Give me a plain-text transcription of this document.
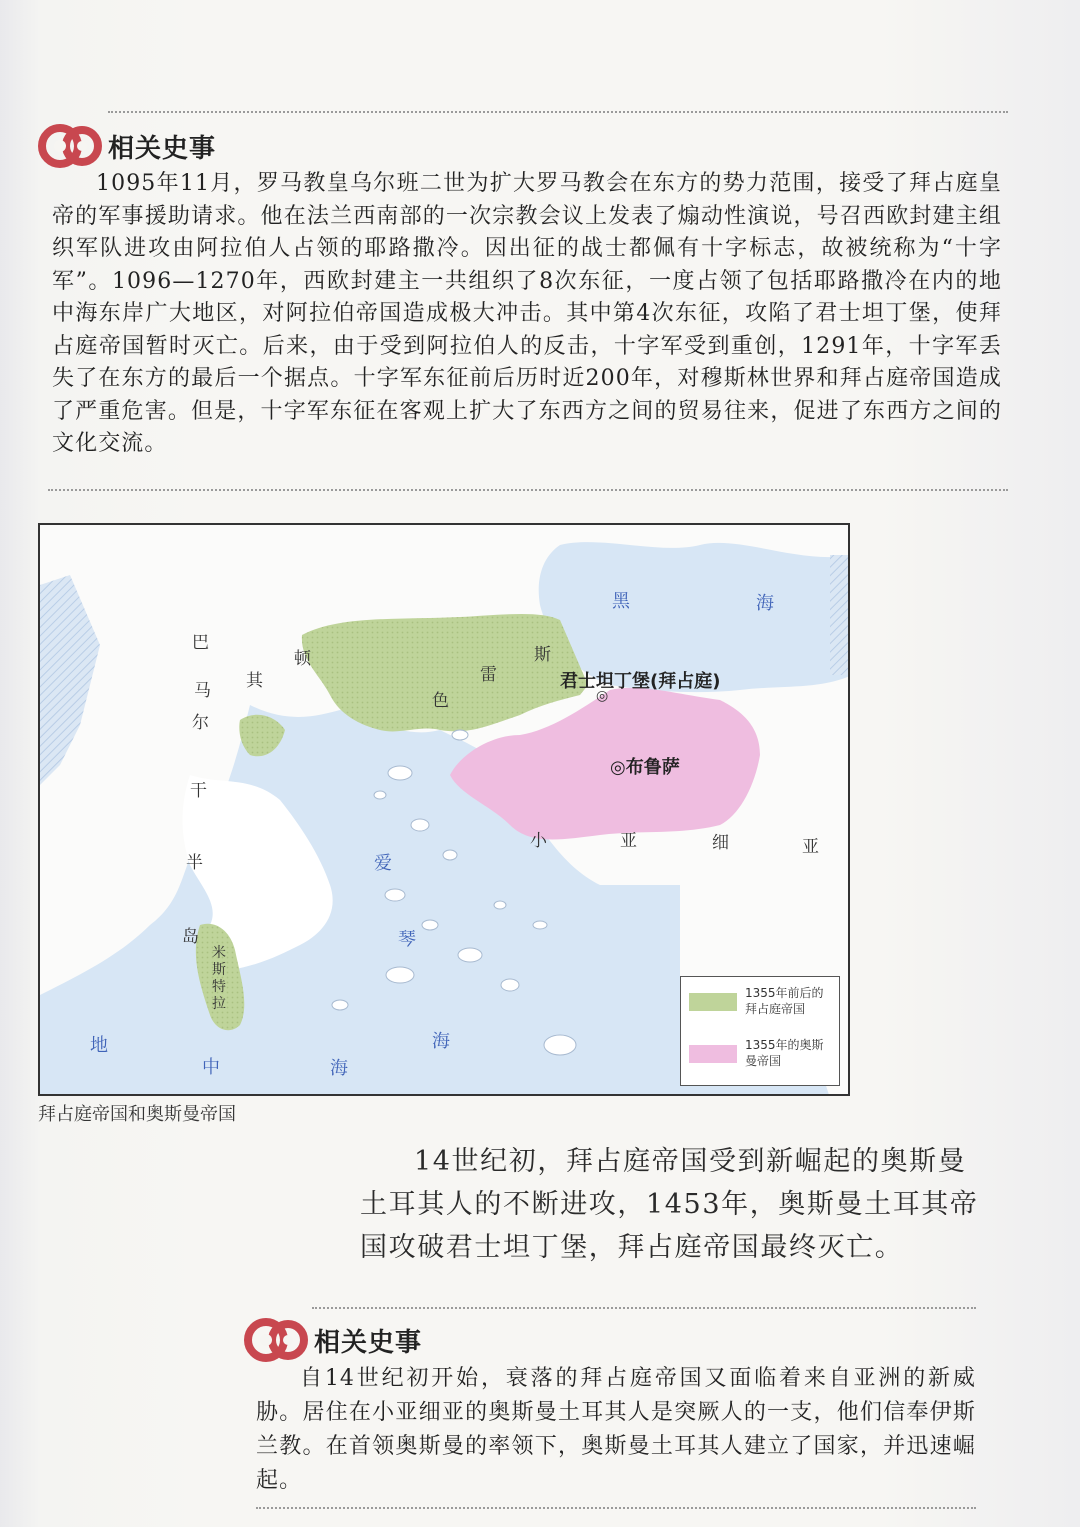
相关史事

1095年11月，罗马教皇乌尔班二世为扩大罗马教会在东方的势力范围，接受了拜占庭皇帝的军事援助请求。他在法兰西南部的一次宗教会议上发表了煽动性演说，号召西欧封建主组织军队进攻由阿拉伯人占领的耶路撒冷。因出征的战士都佩有十字标志，故被统称为“十字军”。1096—1270年，西欧封建主一共组织了8次东征，一度占领了包括耶路撒冷在内的地中海东岸广大地区，对阿拉伯帝国造成极大冲击。其中第4次东征，攻陷了君士坦丁堡，使拜占庭帝国暂时灭亡。后来，由于受到阿拉伯人的反击，十字军受到重创，1291年，十字军丢失了在东方的最后一个据点。十字军东征前后历时近200年，对穆斯林世界和拜占庭帝国造成了严重危害。但是，十字军东征在客观上扩大了东西方之间的贸易往来，促进了东西方之间的文化交流。

黑	海
巴
马
尔
干
半
岛
其
顿
色
雷
斯
君士坦丁堡(拜占庭)
◎
◎布鲁萨
小	亚	细	亚
爱
琴
海
米斯特拉
地
中	海
1355年前后的拜占庭帝国
1355年的奥斯曼帝国
拜占庭帝国和奥斯曼帝国

14世纪初，拜占庭帝国受到新崛起的奥斯曼土耳其人的不断进攻，1453年，奥斯曼土耳其帝国攻破君士坦丁堡，拜占庭帝国最终灭亡。

相关史事

自14世纪初开始，衰落的拜占庭帝国又面临着来自亚洲的新威胁。居住在小亚细亚的奥斯曼土耳其人是突厥人的一支，他们信奉伊斯兰教。在首领奥斯曼的率领下，奥斯曼土耳其人建立了国家，并迅速崛起。
